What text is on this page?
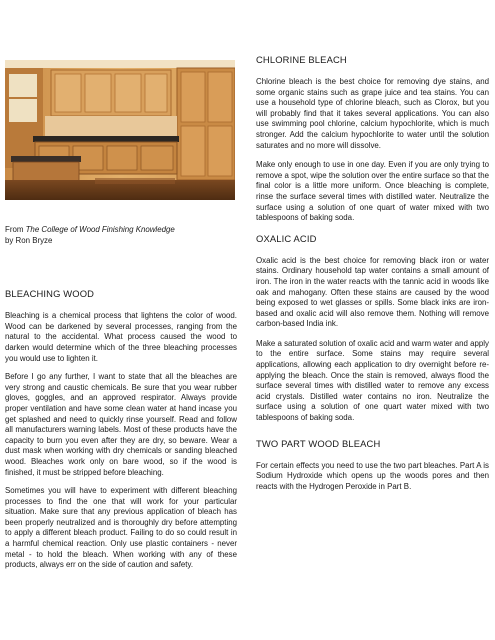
From The College of Wood Finishing Knowledge
by Ron Bryze
BLEACHING WOOD

Bleaching is a chemical process that lightens the color of wood. Wood can be darkened by several processes, ranging from the natural to the accidental. What process caused the wood to darken would determine which of the three bleaching processes you would use to lighten it.

Before I go any further, I want to state that all the bleaches are very strong and caustic chemicals. Be sure that you wear rubber gloves, goggles, and an approved respirator. Always provide proper ventilation and have some clean water at hand incase you get splashed and need to quickly rinse yourself. Read and follow all manufacturers warning labels. Most of these products have the capacity to burn you even after they are dry, so beware. Wear a dust mask when working with dry chemicals or sanding bleached wood. Bleaches work only on bare wood, so if the wood is finished, it must be stripped before bleaching.

Sometimes you will have to experiment with different bleaching processes to find the one that will work for your particular situation. Make sure that any previous application of bleach has been properly neutralized and is thoroughly dry before attempting to apply a different bleach product. Failing to do so could result in a harmful chemical reaction. Only use plastic containers - never metal - to hold the bleach. When working with any of these products, always err on the side of caution and safety.

CHLORINE BLEACH

Chlorine bleach is the best choice for removing dye stains, and some organic stains such as grape juice and tea stains. You can use a household type of chlorine bleach, such as Clorox, but you will probably find that it takes several applications. You can also use swimming pool chlorine, calcium hypochlorite, which is much stronger. Add the calcium hypochlorite to water until the solution saturates and no more will dissolve.

Make only enough to use in one day. Even if you are only trying to remove a spot, wipe the solution over the entire surface so that the final color is a little more uniform. Once bleaching is complete, rinse the surface several times with distilled water. Neutralize the surface using a solution of one quart of water mixed with two tablespoons of baking soda.

OXALIC ACID

Oxalic acid is the best choice for removing black iron or water stains. Ordinary household tap water contains a small amount of iron. The iron in the water reacts with the tannic acid in woods like oak and mahogany. Often these stains are caused by the wood being exposed to wet glasses or spills. Some black inks are iron-based and oxalic acid will also remove them. Nothing will remove carbon-based India ink.

Make a saturated solution of oxalic acid and warm water and apply to the entire surface. Some stains may require several applications, allowing each application to dry overnight before re-applying the bleach. Once the stain is removed, always flood the surface several times with distilled water to remove any excess acid crystals. Distilled water contains no iron. Neutralize the surface using a solution of one quart water mixed with two tablespoons of baking soda.

TWO PART WOOD BLEACH

For certain effects you need to use the two part bleaches. Part A is Sodium Hydroxide which opens up the woods pores and then reacts with the Hydrogen Peroxide in Part B.
